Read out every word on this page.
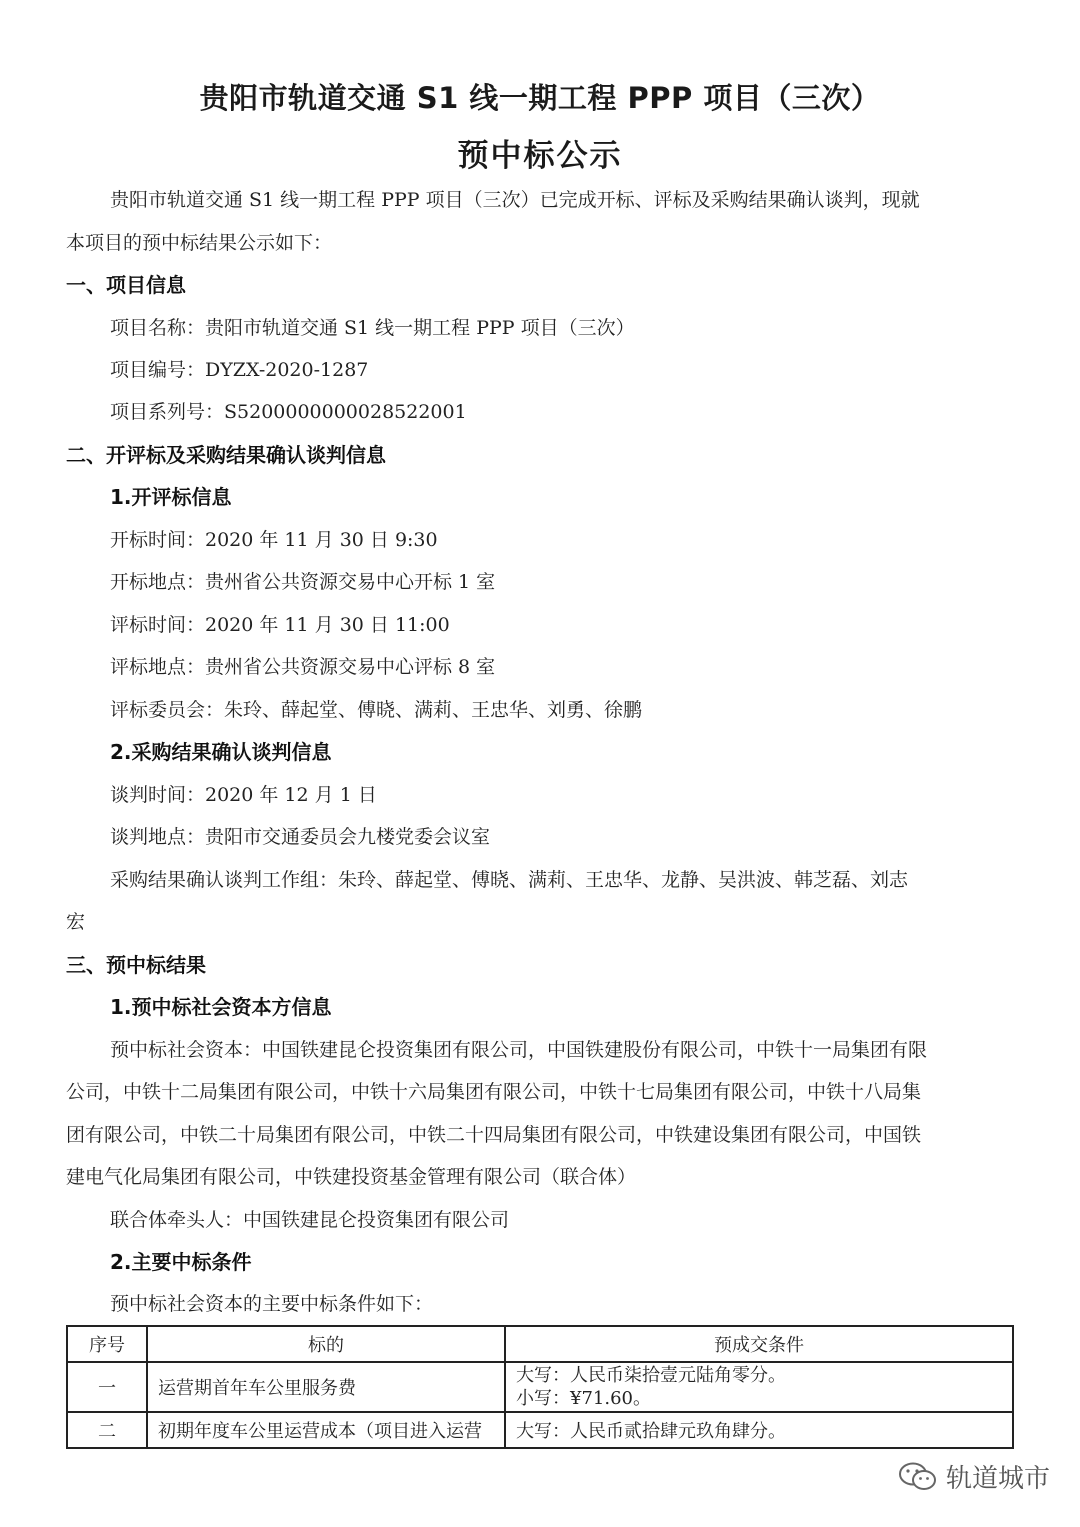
贵阳市轨道交通 S1 线一期工程 PPP 项目（三次）
预中标公示
贵阳市轨道交通 S1 线一期工程 PPP 项目（三次）已完成开标、评标及采购结果确认谈判，现就
本项目的预中标结果公示如下：
一、项目信息
项目名称：贵阳市轨道交通 S1 线一期工程 PPP 项目（三次）
项目编号：DYZX-2020-1287
项目系列号：S5200000000028522001
二、开评标及采购结果确认谈判信息
1.开评标信息
开标时间：2020 年 11 月 30 日 9:30
开标地点：贵州省公共资源交易中心开标 1 室
评标时间：2020 年 11 月 30 日 11:00
评标地点：贵州省公共资源交易中心评标 8 室
评标委员会：朱玲、薛起堂、傅晓、满莉、王忠华、刘勇、徐鹏
2.采购结果确认谈判信息
谈判时间：2020 年 12 月 1 日
谈判地点：贵阳市交通委员会九楼党委会议室
采购结果确认谈判工作组：朱玲、薛起堂、傅晓、满莉、王忠华、龙静、吴洪波、韩芝磊、刘志
宏
三、预中标结果
1.预中标社会资本方信息
预中标社会资本：中国铁建昆仑投资集团有限公司，中国铁建股份有限公司，中铁十一局集团有限
公司，中铁十二局集团有限公司，中铁十六局集团有限公司，中铁十七局集团有限公司，中铁十八局集
团有限公司，中铁二十局集团有限公司，中铁二十四局集团有限公司，中铁建设集团有限公司，中国铁
建电气化局集团有限公司，中铁建投资基金管理有限公司（联合体）
联合体牵头人：中国铁建昆仑投资集团有限公司
2.主要中标条件
预中标社会资本的主要中标条件如下：
序号	标的	预成交条件
一	运营期首年车公里服务费	大写：人民币柒拾壹元陆角零分。
小写：¥71.60。

二	初期年度车公里运营成本（项目进入运营	大写：人民币贰拾肆元玖角肆分。
轨道城市
